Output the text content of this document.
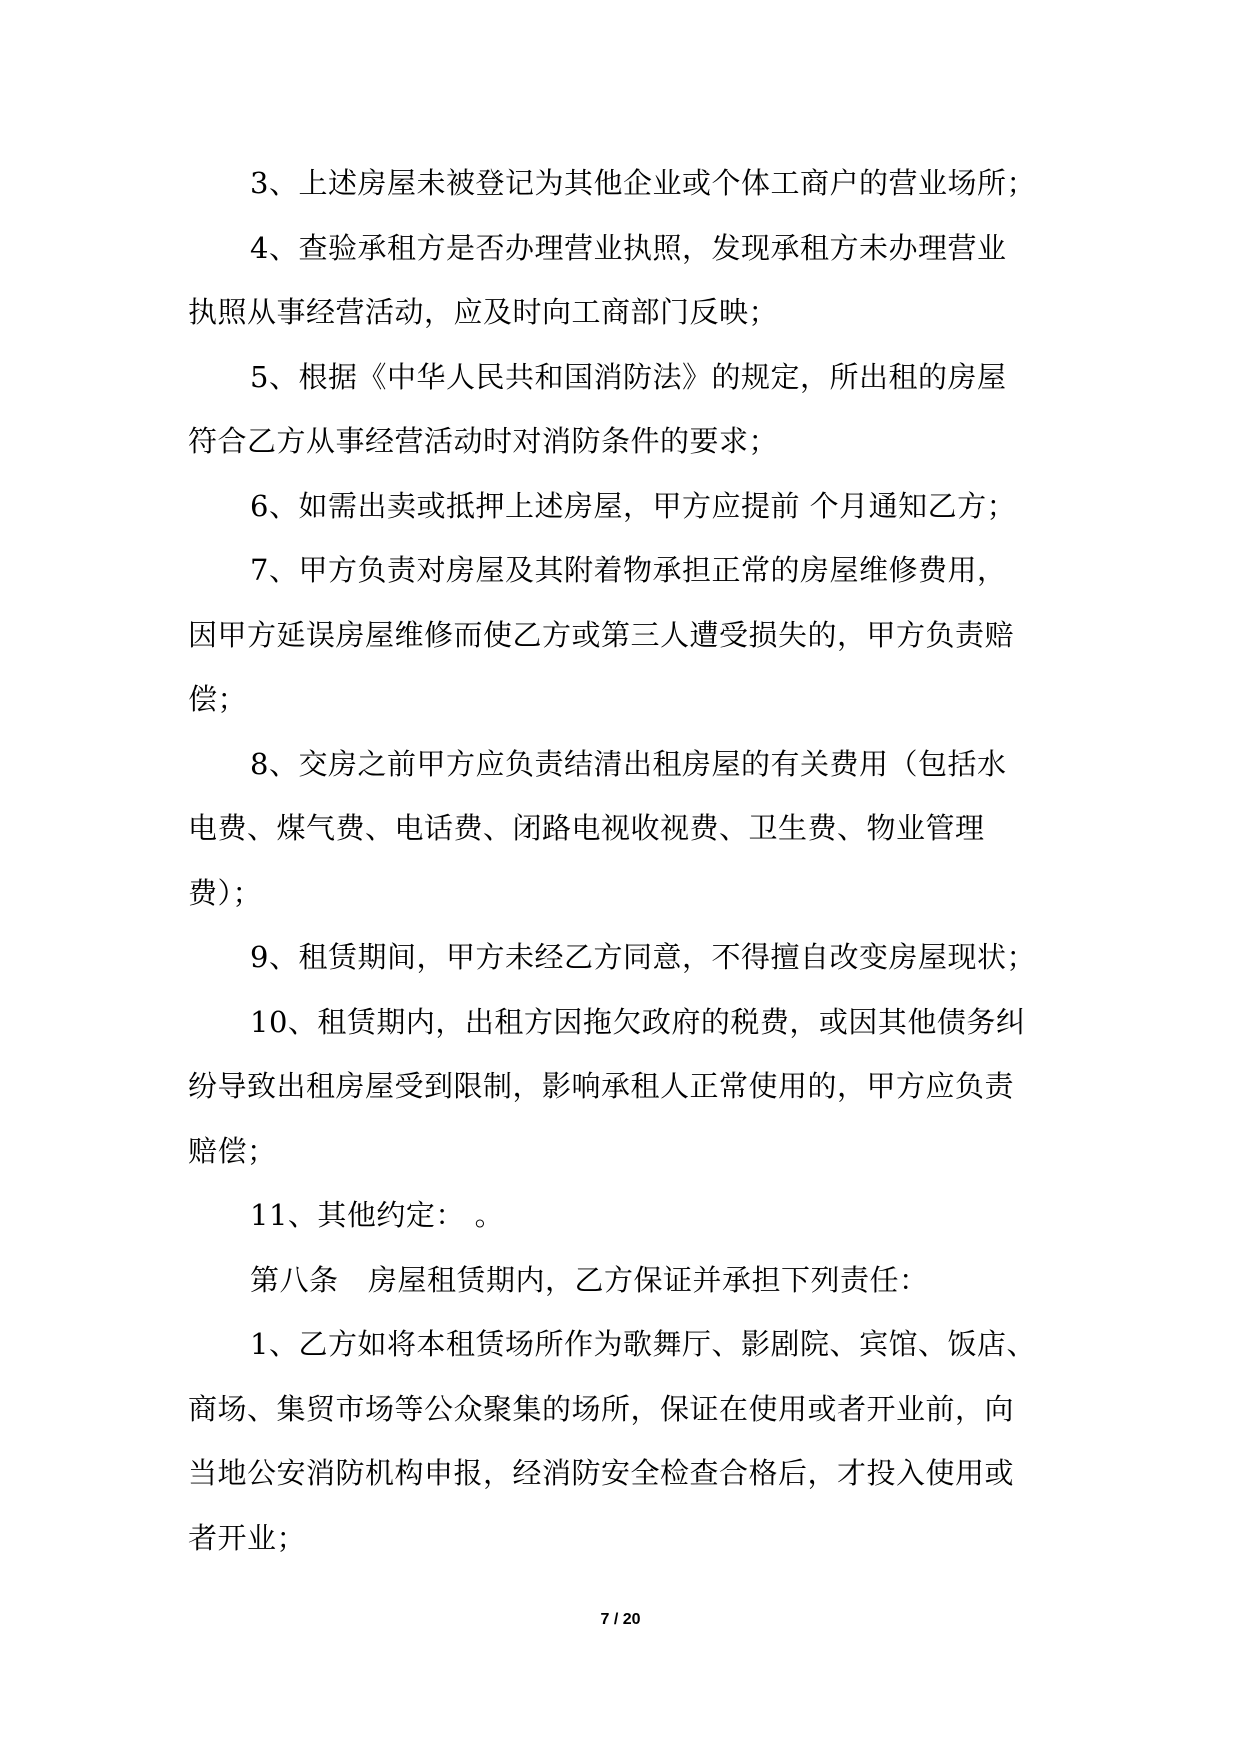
3、上述房屋未被登记为其他企业或个体工商户的营业场所；
4、查验承租方是否办理营业执照，发现承租方未办理营业
执照从事经营活动，应及时向工商部门反映；
5、根据《中华人民共和国消防法》的规定，所出租的房屋
符合乙方从事经营活动时对消防条件的要求；
6、如需出卖或抵押上述房屋，甲方应提前 个月通知乙方；
7、甲方负责对房屋及其附着物承担正常的房屋维修费用，
因甲方延误房屋维修而使乙方或第三人遭受损失的，甲方负责赔
偿；
8、交房之前甲方应负责结清出租房屋的有关费用（包括水
电费、煤气费、电话费、闭路电视收视费、卫生费、物业管理
费）；
9、租赁期间，甲方未经乙方同意，不得擅自改变房屋现状；
10、租赁期内，出租方因拖欠政府的税费，或因其他债务纠
纷导致出租房屋受到限制，影响承租人正常使用的，甲方应负责
赔偿；
11、其他约定： 。
第八条　房屋租赁期内，乙方保证并承担下列责任：
1、乙方如将本租赁场所作为歌舞厅、影剧院、宾馆、饭店、
商场、集贸市场等公众聚集的场所，保证在使用或者开业前，向
当地公安消防机构申报，经消防安全检查合格后，才投入使用或
者开业；
7 / 20
